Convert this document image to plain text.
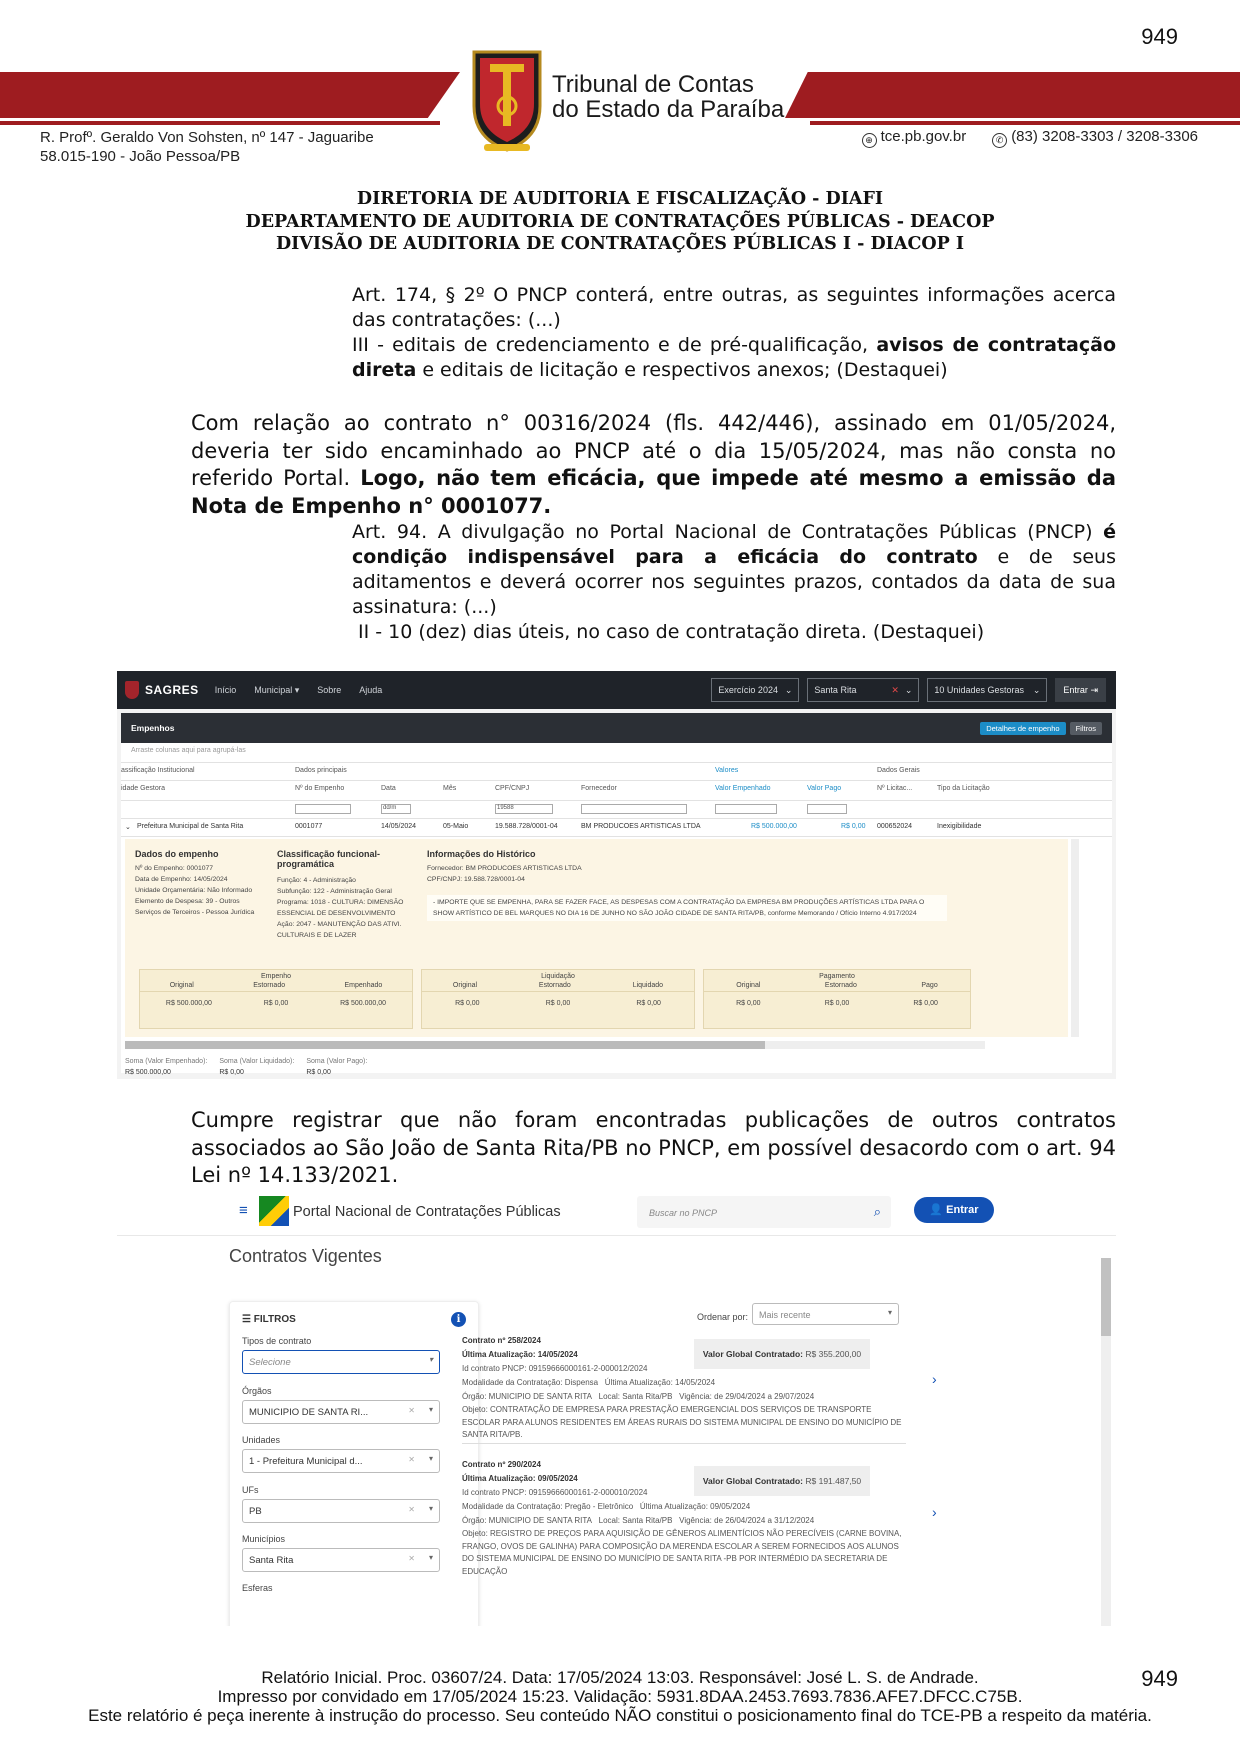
949
Tribunal de Contas
do Estado da Paraíba
R. Profº. Geraldo Von Sohsten, nº 147 - Jaguaribe
58.015-190 - João Pessoa/PB
⊕ tce.pb.gov.br	✆ (83) 3208-3303 / 3208-3306
DIRETORIA DE AUDITORIA E FISCALIZAÇÃO - DIAFI
DEPARTAMENTO DE AUDITORIA DE CONTRATAÇÕES PÚBLICAS - DEACOP
DIVISÃO DE AUDITORIA DE CONTRATAÇÕES PÚBLICAS I - DIACOP I
Art. 174, § 2º O PNCP conterá, entre outras, as seguintes informações acerca das contratações: (...)
III - editais de credenciamento e de pré-qualificação, avisos de contratação direta e editais de licitação e respectivos anexos; (Destaquei)
Com relação ao contrato n° 00316/2024 (fls. 442/446), assinado em 01/05/2024, deveria ter sido encaminhado ao PNCP até o dia 15/05/2024, mas não consta no referido Portal. Logo, não tem eficácia, que impede até mesmo a emissão da Nota de Empenho n° 0001077.
Art. 94. A divulgação no Portal Nacional de Contratações Públicas (PNCP) é condição indispensável para a eficácia do contrato e de seus aditamentos e deverá ocorrer nos seguintes prazos, contados da data de sua assinatura: (...)
II - 10 (dez) dias úteis, no caso de contratação direta. (Destaquei)
SAGRES Início Municipal ▾ Sobre Ajuda	Exercício 2024 ⌄ Santa Rita	✕ ⌄ 10 Unidades Gestoras ⌄	Entrar
⇥
Empenhos	Detalhes de empenho Filtros
Arraste colunas aqui para agrupá-las
assificação Institucional	Dados principais	Valores	Dados Gerais
idade Gestora	Nº do Empenho	Data	Mês	CPF/CNPJ	Fornecedor	Valor Empenhado	Valor Pago	Nº Licitac...	Tipo da Licitação
dd/m	19588
⌄ Prefeitura Municipal de Santa Rita	0001077	14/05/2024	05-Maio	19.588.728/0001-04	BM PRODUCOES ARTISTICAS LTDA	R$ 500.000,00	R$ 0,00 000652024	Inexigibilidade
Dados do empenho
Nº do Empenho: 0001077
Data de Empenho: 14/05/2024
Unidade Orçamentária: Não Informado
Elemento de Despesa: 39 - Outros
Serviços de Terceiros - Pessoa Jurídica
Classificação funcional-programática
Função: 4 - Administração
Subfunção: 122 - Administração Geral
Programa: 1018 - CULTURA: DIMENSÃO
ESSENCIAL DE DESENVOLVIMENTO
Ação: 2047 - MANUTENÇÃO DAS ATIVI.
CULTURAIS E DE LAZER
Informações do Histórico
Fornecedor: BM PRODUCOES ARTISTICAS LTDA
CPF/CNPJ: 19.588.728/0001-04
- IMPORTE QUE SE EMPENHA, PARA SE FAZER FACE, AS DESPESAS COM A CONTRATAÇÃO DA EMPRESA BM PRODUÇÕES ARTÍSTICAS LTDA PARA O SHOW ARTÍSTICO DE BEL MARQUES NO DIA 16 DE JUNHO NO SÃO JOÃO CIDADE DE SANTA RITA/PB, conforme Memorando / Ofício Interno 4.917/2024
Empenho
Original	Estornado	Empenhado
R$ 500.000,00	R$ 0,00	R$ 500.000,00
Liquidação
Original	Estornado	Liquidado
R$ 0,00	R$ 0,00	R$ 0,00
Pagamento
Original	Estornado	Pago
R$ 0,00	R$ 0,00	R$ 0,00
Soma (Valor Empenhado):
R$ 500.000,00
Soma (Valor Liquidado):
R$ 0,00
Soma (Valor Pago):
R$ 0,00
Cumpre registrar que não foram encontradas publicações de outros contratos associados ao São João de Santa Rita/PB no PNCP, em possível desacordo com o art. 94 Lei nº 14.133/2021.
≡	Portal Nacional de Contratações Públicas	Buscar no PNCP	⌕	👤 Entrar
Contratos Vigentes
☰ FILTROS	i
Tipos de contrato
Selecione	▾
Órgãos
MUNICIPIO DE SANTA RI...	✕ ▾
Unidades
1 - Prefeitura Municipal d...	✕ ▾
UFs
PB	✕ ▾
Municípios
Santa Rita	✕ ▾
Esferas
Ordenar por:	Mais recente	▾
Contrato nº 258/2024
Última Atualização: 14/05/2024
Id contrato PNCP: 09159666000161-2-000012/2024
Modalidade da Contratação: Dispensa Última Atualização: 14/05/2024
Órgão: MUNICIPIO DE SANTA RITA Local: Santa Rita/PB Vigência: de 29/04/2024 a 29/07/2024
Objeto: CONTRATAÇÃO DE EMPRESA PARA PRESTAÇÃO EMERGENCIAL DOS SERVIÇOS DE TRANSPORTE ESCOLAR PARA ALUNOS RESIDENTES EM ÁREAS RURAIS DO SISTEMA MUNICIPAL DE ENSINO DO MUNICÍPIO DE SANTA RITA/PB.
Valor Global Contratado: R$ 355.200,00
›
Contrato nº 290/2024
Última Atualização: 09/05/2024
Id contrato PNCP: 09159666000161-2-000010/2024
Modalidade da Contratação: Pregão - Eletrônico Última Atualização: 09/05/2024
Órgão: MUNICIPIO DE SANTA RITA Local: Santa Rita/PB Vigência: de 26/04/2024 a 31/12/2024
Objeto: REGISTRO DE PREÇOS PARA AQUISIÇÃO DE GÊNEROS ALIMENTÍCIOS NÃO PERECÍVEIS (CARNE BOVINA, FRANGO, OVOS DE GALINHA) PARA COMPOSIÇÃO DA MERENDA ESCOLAR A SEREM FORNECIDOS AOS ALUNOS DO SISTEMA MUNICIPAL DE ENSINO DO MUNICÍPIO DE SANTA RITA -PB POR INTERMÉDIO DA SECRETARIA DE EDUCAÇÃO
Valor Global Contratado: R$ 191.487,50
›
Relatório Inicial. Proc. 03607/24. Data: 17/05/2024 13:03. Responsável: José L. S. de Andrade.
Impresso por convidado em 17/05/2024 15:23. Validação: 5931.8DAA.2453.7693.7836.AFE7.DFCC.C75B.
Este relatório é peça inerente à instrução do processo. Seu conteúdo NÃO constitui o posicionamento final do TCE-PB a respeito da matéria.
949
